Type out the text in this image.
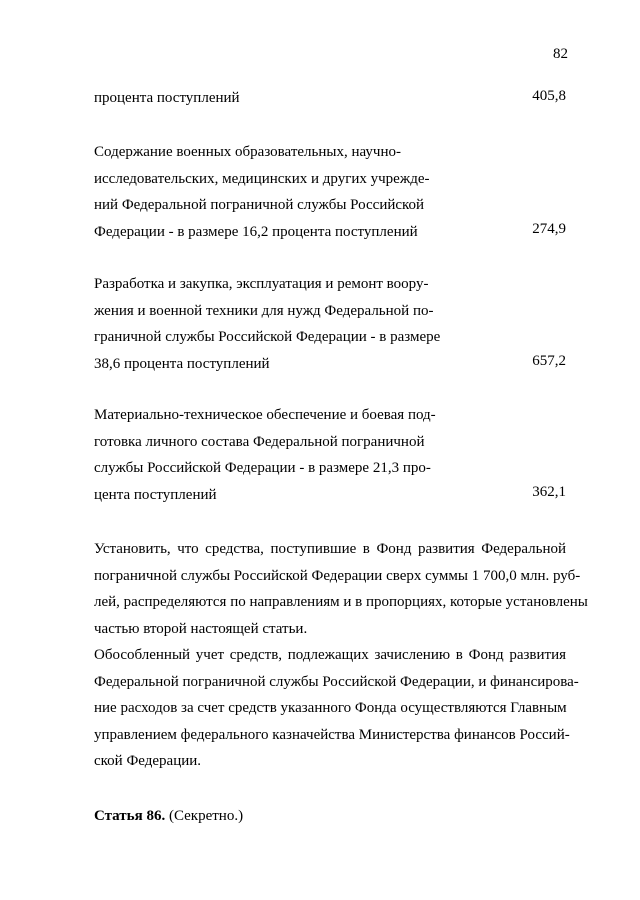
82
процента поступлений	405,8
Содержание военных образовательных, научно-
исследовательских, медицинских и других учрежде-
ний Федеральной пограничной службы Российской
Федерации - в размере 16,2 процента поступлений	274,9
Разработка и закупка, эксплуатация и ремонт воору-
жения и военной техники для нужд Федеральной по-
граничной службы Российской Федерации - в размере
38,6 процента поступлений	657,2
Материально-техническое обеспечение и боевая под-
готовка личного состава Федеральной пограничной
службы Российской Федерации - в размере 21,3 про-
цента поступлений	362,1
Установить, что средства, поступившие в Фонд развития Федеральной
пограничной службы Российской Федерации сверх суммы 1 700,0 млн. руб-
лей, распределяются по направлениям и в пропорциях, которые установлены
частью второй настоящей статьи.
Обособленный учет средств, подлежащих зачислению в Фонд развития
Федеральной пограничной службы Российской Федерации, и финансирова-
ние расходов за счет средств указанного Фонда осуществляются Главным
управлением федерального казначейства Министерства финансов Россий-
ской Федерации.
Статья 86. (Секретно.)
